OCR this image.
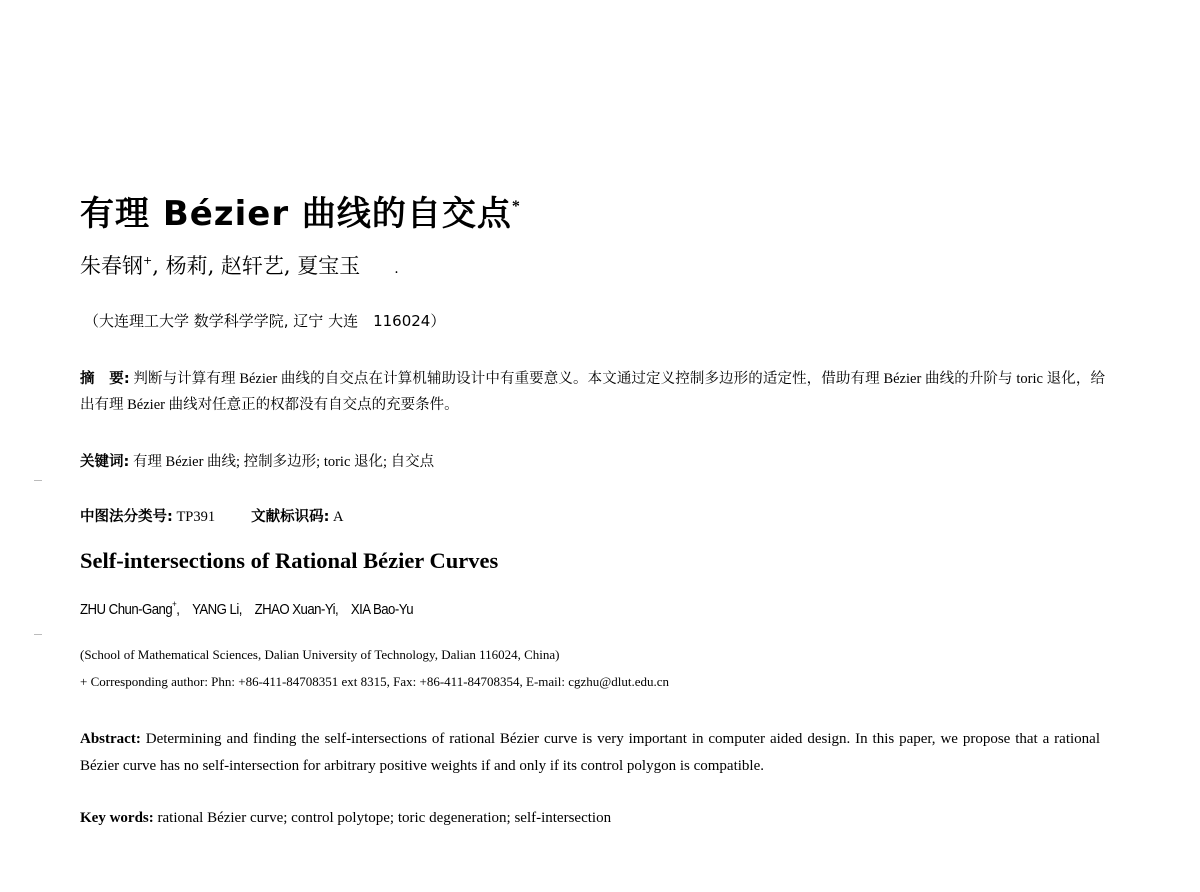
有理 Bézier 曲线的自交点*
朱春钢+, 杨莉, 赵轩艺, 夏宝玉 .
（大连理工大学 数学科学学院, 辽宁 大连　116024）
摘　要: 判断与计算有理 Bézier 曲线的自交点在计算机辅助设计中有重要意义。本文通过定义控制多边形的适定性，借助有理 Bézier 曲线的升阶与 toric 退化，给出有理 Bézier 曲线对任意正的权都没有自交点的充要条件。
关键词: 有理 Bézier 曲线; 控制多边形; toric 退化; 自交点
中图法分类号: TP391 文献标识码: A
Self-intersections of Rational Bézier Curves
ZHU Chun-Gang+,　YANG Li,　ZHAO Xuan-Yi,　XIA Bao-Yu
(School of Mathematical Sciences, Dalian University of Technology, Dalian 116024, China)
+ Corresponding author: Phn: +86-411-84708351 ext 8315, Fax: +86-411-84708354, E-mail: cgzhu@dlut.edu.cn
Abstract: Determining and finding the self-intersections of rational Bézier curve is very important in computer aided design. In this paper, we propose that a rational Bézier curve has no self-intersection for arbitrary positive weights if and only if its control polygon is compatible.
Key words: rational Bézier curve; control polytope; toric degeneration; self-intersection
